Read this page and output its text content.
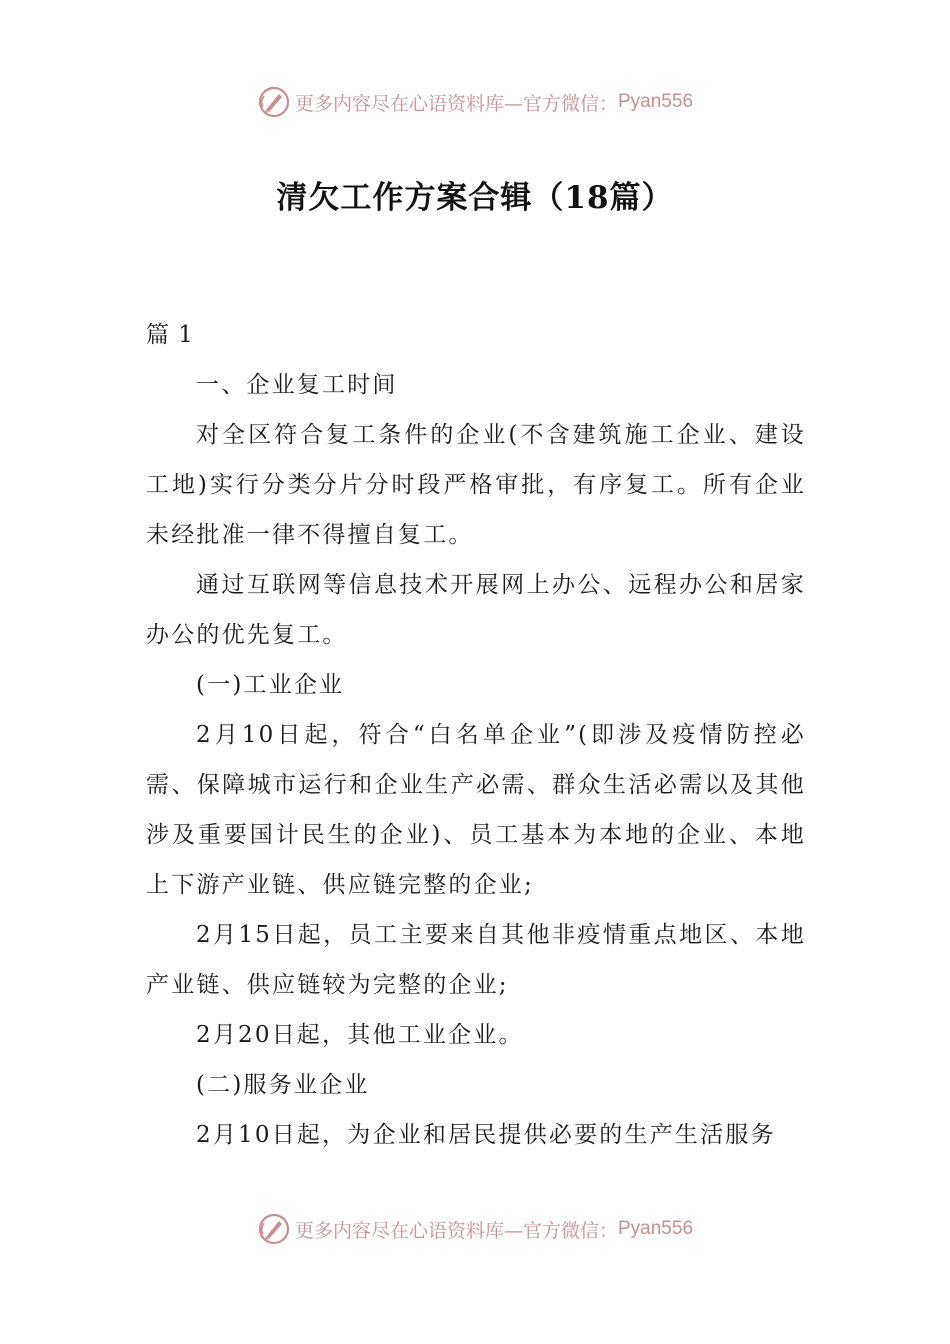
更多内容尽在心语资料库—官方微信： Pyan556
清欠工作方案合辑（18篇）

篇 1

一、企业复工时间

对全区符合复工条件的企业(不含建筑施工企业、建设工地)实行分类分片分时段严格审批，有序复工。所有企业未经批准一律不得擅自复工。

通过互联网等信息技术开展网上办公、远程办公和居家办公的优先复工。

(一)工业企业

2月10日起，符合“白名单企业”(即涉及疫情防控必需、保障城市运行和企业生产必需、群众生活必需以及其他涉及重要国计民生的企业)、员工基本为本地的企业、本地上下游产业链、供应链完整的企业;

2月15日起，员工主要来自其他非疫情重点地区、本地产业链、供应链较为完整的企业;

2月20日起，其他工业企业。

(二)服务业企业

2月10日起，为企业和居民提供必要的生产生活服务

更多内容尽在心语资料库—官方微信： Pyan556
